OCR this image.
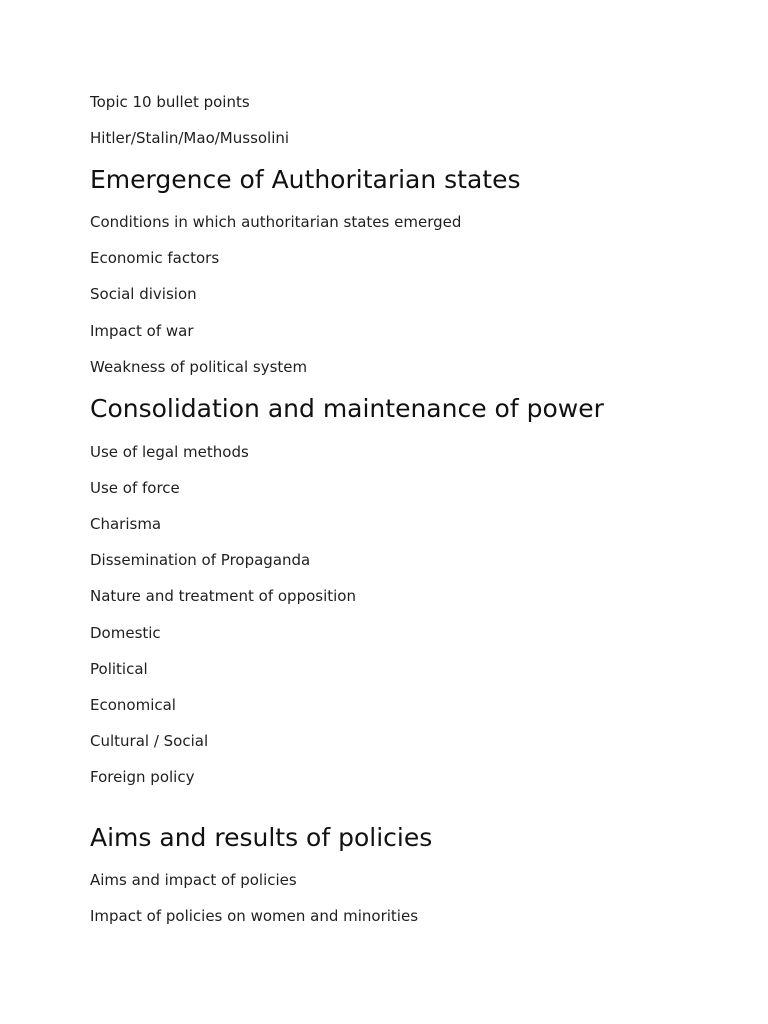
Topic 10 bullet points

Hitler/Stalin/Mao/Mussolini

Emergence of Authoritarian states

Conditions in which authoritarian states emerged

Economic factors

Social division

Impact of war

Weakness of political system

Consolidation and maintenance of power

Use of legal methods

Use of force

Charisma

Dissemination of Propaganda

Nature and treatment of opposition

Domestic

Political

Economical

Cultural / Social

Foreign policy

Aims and results of policies

Aims and impact of policies

Impact of policies on women and minorities
